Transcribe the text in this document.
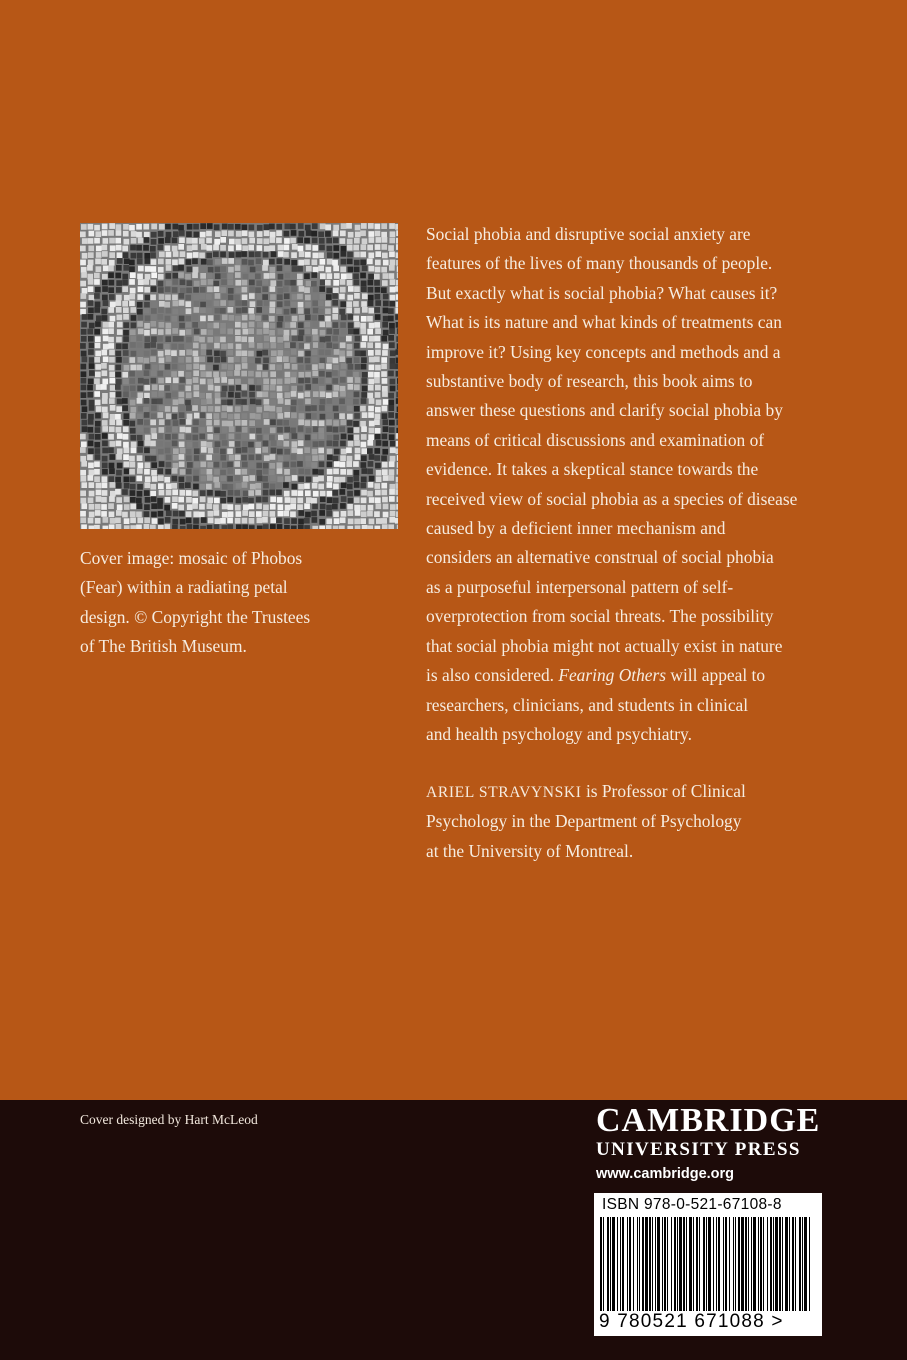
Cover image: mosaic of Phobos
(Fear) within a radiating petal
design. © Copyright the Trustees
of The British Museum.

Social phobia and disruptive social anxiety are
features of the lives of many thousands of people.
But exactly what is social phobia? What causes it?
What is its nature and what kinds of treatments can
improve it? Using key concepts and methods and a
substantive body of research, this book aims to
answer these questions and clarify social phobia by
means of critical discussions and examination of
evidence. It takes a skeptical stance towards the
received view of social phobia as a species of disease
caused by a deficient inner mechanism and
considers an alternative construal of social phobia
as a purposeful interpersonal pattern of self-
overprotection from social threats. The possibility
that social phobia might not actually exist in nature
is also considered. Fearing Others will appeal to
researchers, clinicians, and students in clinical
and health psychology and psychiatry.

ARIEL STRAVYNSKI is Professor of Clinical
Psychology in the Department of Psychology
at the University of Montreal.

Cover designed by Hart McLeod	CAMBRIDGE
UNIVERSITY PRESS
www.cambridge.org
ISBN 978-0-521-67108-8
9 780521 671088 >
